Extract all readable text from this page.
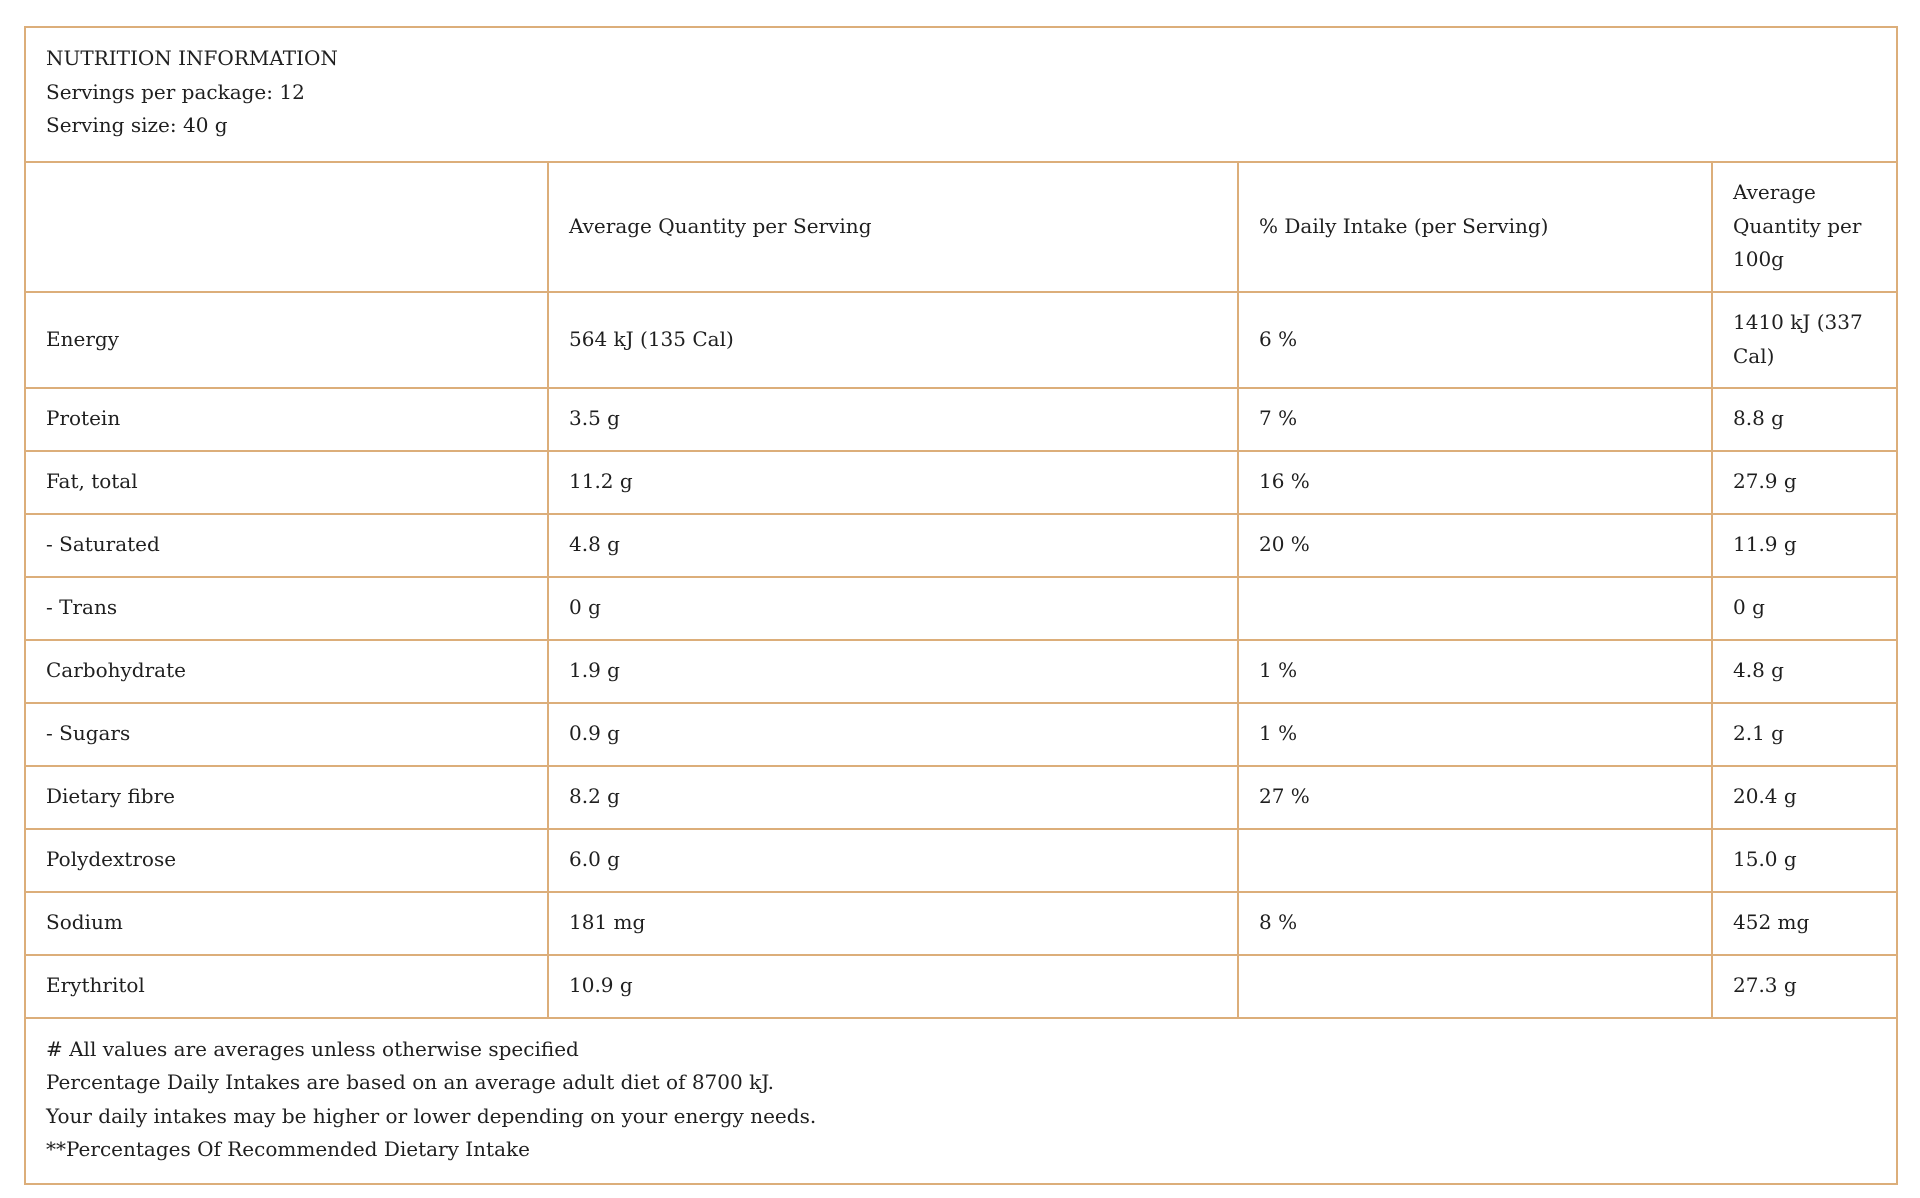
NUTRITION INFORMATION
Servings per package: 12
Serving size: 40 g
	Average Quantity per Serving	% Daily Intake (per Serving)	Average Quantity per 100g
Energy	564 kJ (135 Cal)	6 %	1410 kJ (337 Cal)
Protein	3.5 g	7 %	8.8 g
Fat, total	11.2 g	16 %	27.9 g
- Saturated	4.8 g	20 %	11.9 g
- Trans	0 g		0 g
Carbohydrate	1.9 g	1 %	4.8 g
- Sugars	0.9 g	1 %	2.1 g
Dietary fibre	8.2 g	27 %	20.4 g
Polydextrose	6.0 g		15.0 g
Sodium	181 mg	8 %	452 mg
Erythritol	10.9 g		27.3 g
# All values are averages unless otherwise specified
Percentage Daily Intakes are based on an average adult diet of 8700 kJ.
Your daily intakes may be higher or lower depending on your energy needs.
**Percentages Of Recommended Dietary Intake
